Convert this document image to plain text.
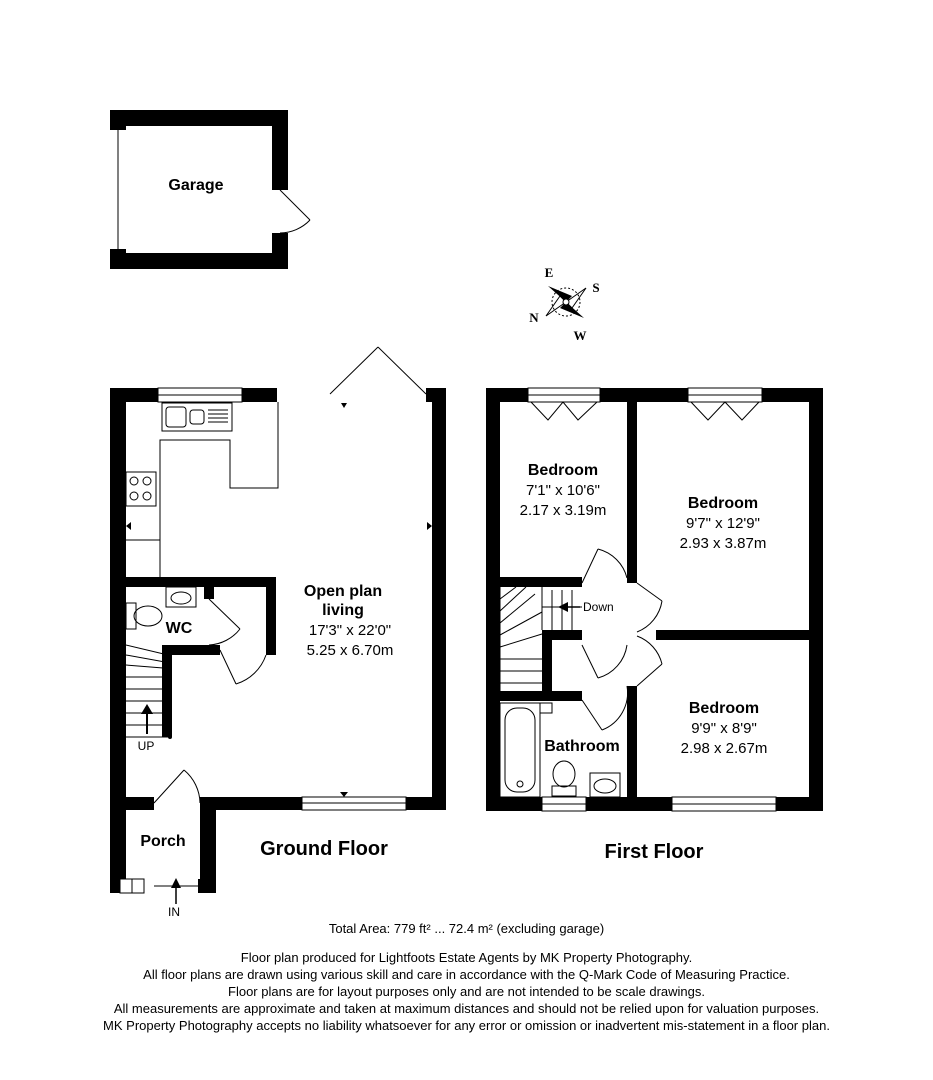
Garage
E
S
N
W
WC
UP
IN
Open plan
living
17'3" x 22'0"
5.25 x 6.70m
Porch	Ground Floor
Down
Bedroom
7'1" x 10'6"
2.17 x 3.19m	Bedroom
9'7" x 12'9"
2.93 x 3.87m
Bedroom
9'9" x 8'9"
2.98 x 2.67m
Bathroom
First Floor
Total Area: 779 ft² ... 72.4 m² (excluding garage)
Floor plan produced for Lightfoots Estate Agents by MK Property Photography.
All floor plans are drawn using various skill and care in accordance with the Q-Mark Code of Measuring Practice.
Floor plans are for layout purposes only and are not intended to be scale drawings.
All measurements are approximate and taken at maximum distances and should not be relied upon for valuation purposes.
MK Property Photography accepts no liability whatsoever for any error or omission or inadvertent mis-statement in a floor plan.
